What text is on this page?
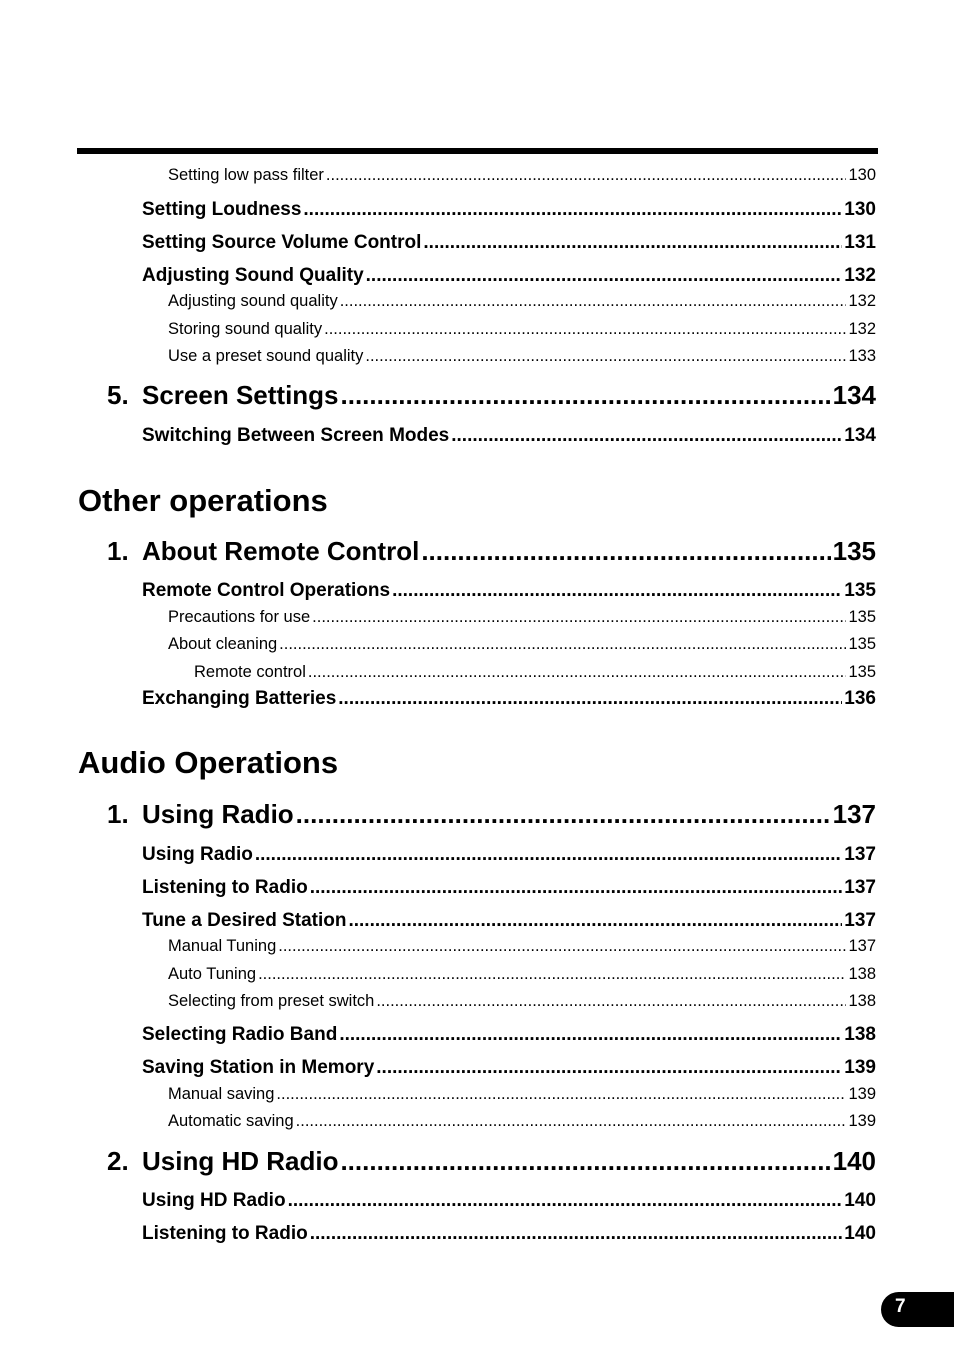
Setting low pass filter .....	130
Setting Loudness .....	130
Setting Source Volume Control .....	131
Adjusting Sound Quality .....	132
Adjusting sound quality .....	132
Storing sound quality .....	132
Use a preset sound quality .....	133
5. Screen Settings .....	134
Switching Between Screen Modes .....	134
1. About Remote Control .....	135
Remote Control Operations .....	135
Precautions for use .....	135
About cleaning .....	135
Remote control .....	135
Exchanging Batteries .....	136
1. Using Radio .....	137
Using Radio .....	137
Listening to Radio .....	137
Tune a Desired Station .....	137
Manual Tuning .....	137
Auto Tuning .....	138
Selecting from preset switch .....	138
Selecting Radio Band .....	138
Saving Station in Memory .....	139
Manual saving .....	139
Automatic saving .....	139
2. Using HD Radio .....	140
Using HD Radio .....	140
Listening to Radio .....	140
Other operations
Audio Operations
7
